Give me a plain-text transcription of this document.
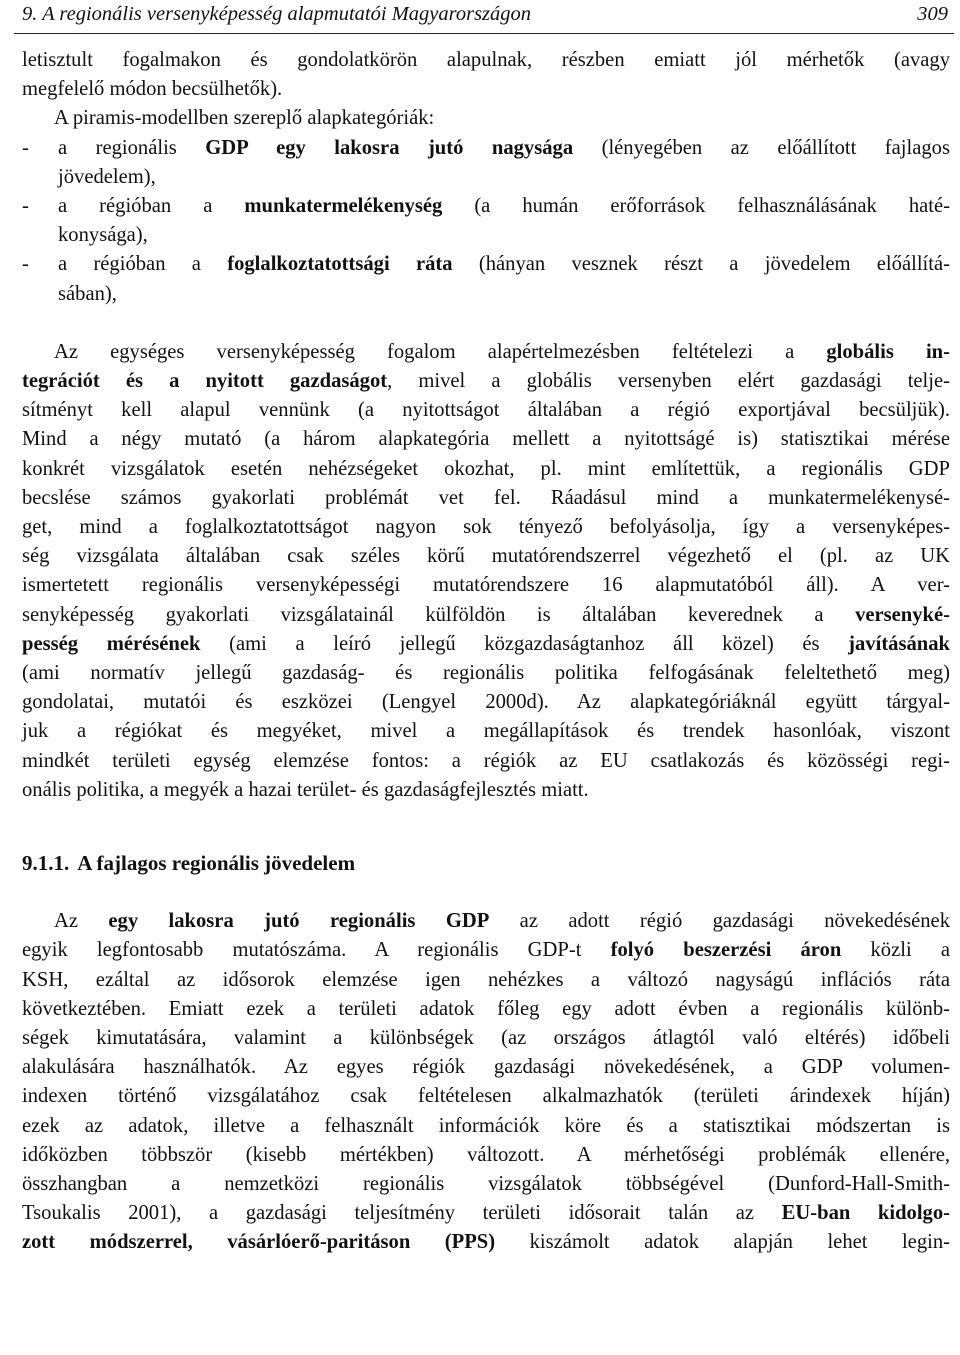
9. A regionális versenyképesség alapmutatói Magyarországon	309
letisztult fogalmakon és gondolatkörön alapulnak, részben emiatt jól mérhetők (avagy
megfelelő módon becsülhetők).
A piramis-modellben szereplő alapkategóriák:
- a regionális GDP egy lakosra jutó nagysága (lényegében az előállított fajlagos
jövedelem),
- a régióban a munkatermelékenység (a humán erőforrások felhasználásának haté-
konysága),
- a régióban a foglalkoztatottsági ráta (hányan vesznek részt a jövedelem előállítá-
sában),
Az egységes versenyképesség fogalom alapértelmezésben feltételezi a globális in-
tegrációt és a nyitott gazdaságot, mivel a globális versenyben elért gazdasági telje-
sítményt kell alapul vennünk (a nyitottságot általában a régió exportjával becsüljük).
Mind a négy mutató (a három alapkategória mellett a nyitottságé is) statisztikai mérése
konkrét vizsgálatok esetén nehézségeket okozhat, pl. mint említettük, a regionális GDP
becslése számos gyakorlati problémát vet fel. Ráadásul mind a munkatermelékenysé-
get, mind a foglalkoztatottságot nagyon sok tényező befolyásolja, így a versenyképes-
ség vizsgálata általában csak széles körű mutatórendszerrel végezhető el (pl. az UK
ismertetett regionális versenyképességi mutatórendszere 16 alapmutatóból áll). A ver-
senyképesség gyakorlati vizsgálatainál külföldön is általában keverednek a versenyké-
pesség mérésének (ami a leíró jellegű közgazdaságtanhoz áll közel) és javításának
(ami normatív jellegű gazdaság- és regionális politika felfogásának feleltethető meg)
gondolatai, mutatói és eszközei (Lengyel 2000d). Az alapkategóriáknál együtt tárgyal-
juk a régiókat és megyéket, mivel a megállapítások és trendek hasonlóak, viszont
mindkét területi egység elemzése fontos: a régiók az EU csatlakozás és közösségi regi-
onális politika, a megyék a hazai terület- és gazdaságfejlesztés miatt.
9.1.1. A fajlagos regionális jövedelem
Az egy lakosra jutó regionális GDP az adott régió gazdasági növekedésének
egyik legfontosabb mutatószáma. A regionális GDP-t folyó beszerzési áron közli a
KSH, ezáltal az idősorok elemzése igen nehézkes a változó nagyságú inflációs ráta
következtében. Emiatt ezek a területi adatok főleg egy adott évben a regionális különb-
ségek kimutatására, valamint a különbségek (az országos átlagtól való eltérés) időbeli
alakulására használhatók. Az egyes régiók gazdasági növekedésének, a GDP volumen-
indexen történő vizsgálatához csak feltételesen alkalmazhatók (területi árindexek híján)
ezek az adatok, illetve a felhasznált információk köre és a statisztikai módszertan is
időközben többször (kisebb mértékben) változott. A mérhetőségi problémák ellenére,
összhangban a nemzetközi regionális vizsgálatok többségével (Dunford-Hall-Smith-
Tsoukalis 2001), a gazdasági teljesítmény területi idősorait talán az EU-ban kidolgo-
zott módszerrel, vásárlóerő-paritáson (PPS) kiszámolt adatok alapján lehet legin-
